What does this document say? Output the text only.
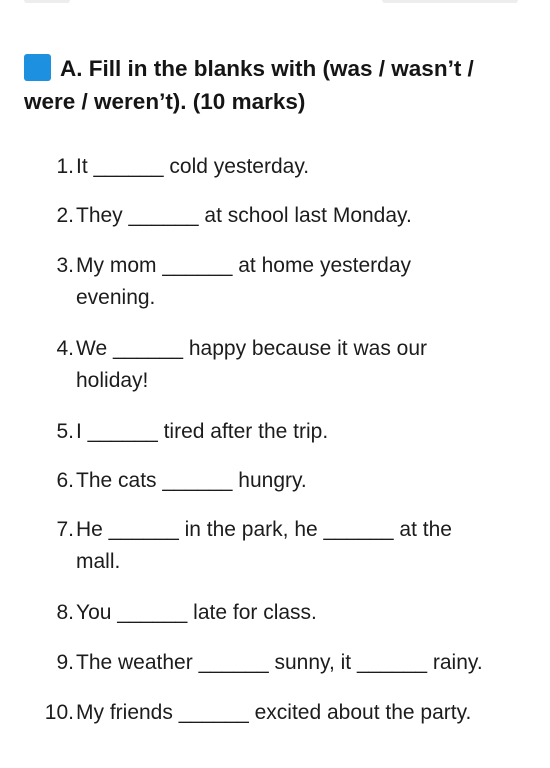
A. Fill in the blanks with (was / wasn’t / were / weren’t). (10 marks)
1. It ______ cold yesterday.
2. They ______ at school last Monday.
3. My mom ______ at home yesterday evening.
4. We ______ happy because it was our holiday!
5. I ______ tired after the trip.
6. The cats ______ hungry.
7. He ______ in the park, he ______ at the mall.
8. You ______ late for class.
9. The weather ______ sunny, it ______ rainy.
10. My friends ______ excited about the party.
